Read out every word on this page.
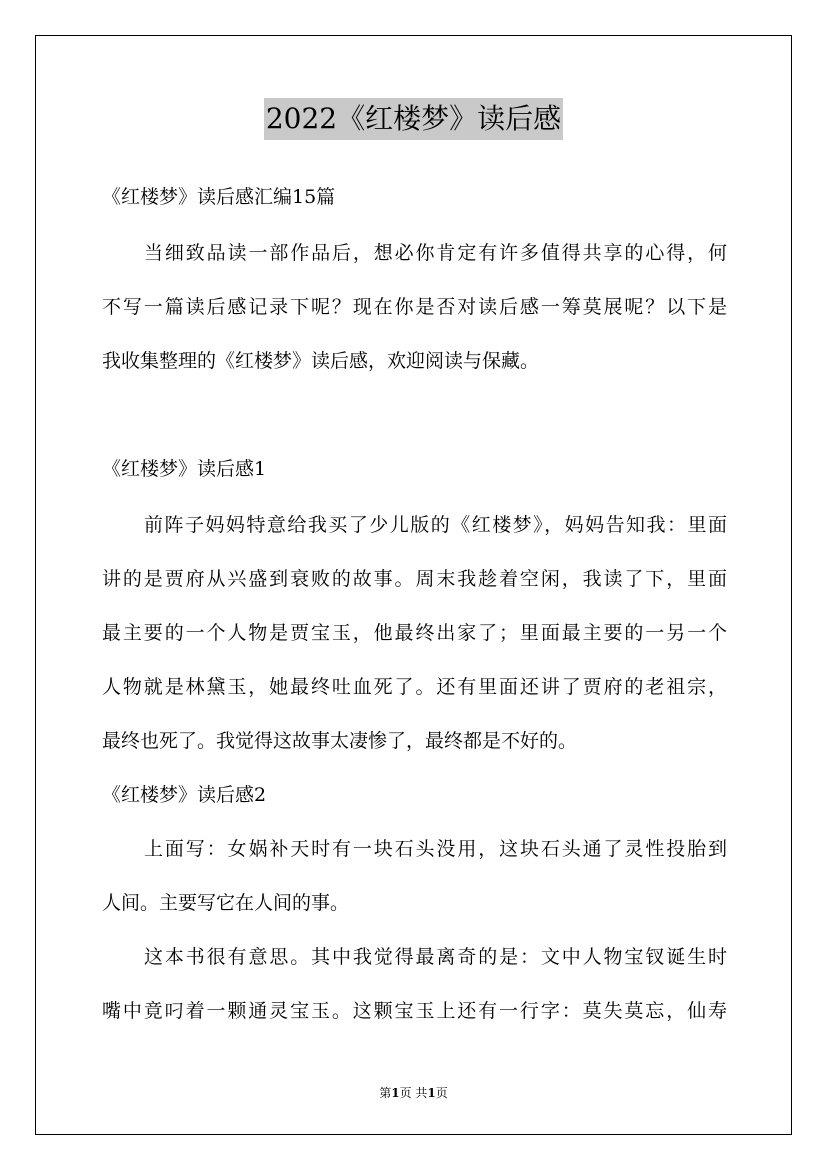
2022《红楼梦》读后感
《红楼梦》读后感汇编15篇
当细致品读一部作品后，想必你肯定有许多值得共享的心得，何
不写一篇读后感记录下呢？现在你是否对读后感一筹莫展呢？以下是
我收集整理的《红楼梦》读后感，欢迎阅读与保藏。
《红楼梦》读后感1
前阵子妈妈特意给我买了少儿版的《红楼梦》，妈妈告知我：里面
讲的是贾府从兴盛到衰败的故事。周末我趁着空闲，我读了下，里面
最主要的一个人物是贾宝玉，他最终出家了；里面最主要的一另一个
人物就是林黛玉，她最终吐血死了。还有里面还讲了贾府的老祖宗，
最终也死了。我觉得这故事太凄惨了，最终都是不好的。
《红楼梦》读后感2
上面写：女娲补天时有一块石头没用，这块石头通了灵性投胎到
人间。主要写它在人间的事。
这本书很有意思。其中我觉得最离奇的是：文中人物宝钗诞生时
嘴中竟叼着一颗通灵宝玉。这颗宝玉上还有一行字：莫失莫忘，仙寿
第1页 共1页
